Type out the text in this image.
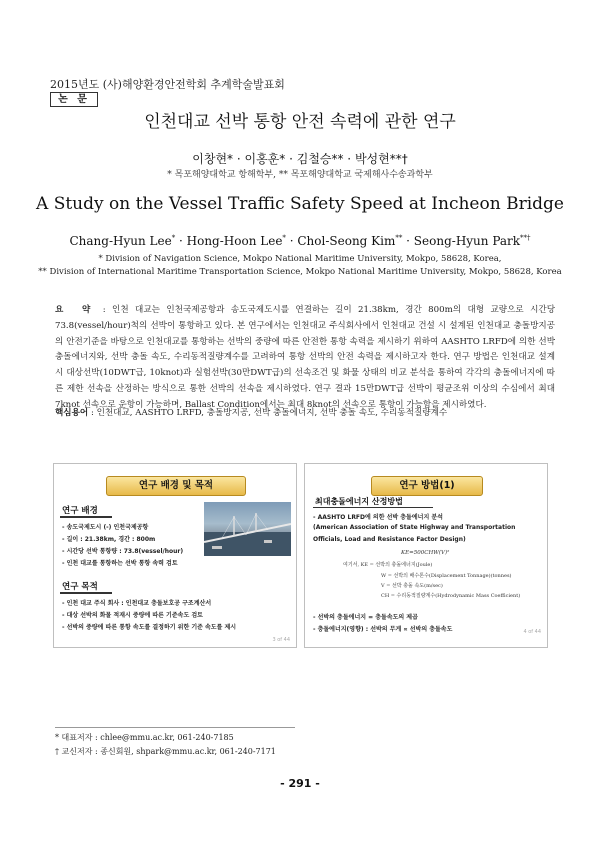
2015년도 (사)해양환경안전학회 추계학술발표회
논 문
인천대교 선박 통항 안전 속력에 관한 연구
이창현* · 이홍훈* · 김철승** · 박성현**†
* 목포해양대학교 항해학부, ** 목포해양대학교 국제해사수송과학부
A Study on the Vessel Traffic Safety Speed at Incheon Bridge
Chang-Hyun Lee* · Hong-Hoon Lee* · Chol-Seong Kim** · Seong-Hyun Park**†
* Division of Navigation Science, Mokpo National Maritime University, Mokpo, 58628, Korea,
** Division of International Maritime Transportation Science, Mokpo National Maritime University, Mokpo, 58628, Korea
요 약 : 인천 대교는 인천국제공항과 송도국제도시를 연결하는 길이 21.38km, 경간 800m의 대형 교량으로 시간당 73.8(vessel/hour)척의 선박이 통항하고 있다. 본 연구에서는 인천대교 주식회사에서 인천대교 건설 시 설계된 인천대교 충돌방지공의 안전기준을 바탕으로 인천대교를 통항하는 선박의 중량에 따른 안전한 통항 속력을 제시하기 위하여 AASHTO LRFD에 의한 선박 충돌에너지와, 선박 충돌 속도, 수리동적질량계수를 고려하여 통항 선박의 안전 속력을 제시하고자 한다. 연구 방법은 인천대교 설계 시 대상선박(10DWT급, 10knot)과 실험선박(30만DWT급)의 선속조건 및 화물 상태의 비교 분석을 통하여 각각의 충돌에너지에 따른 제한 선속을 산정하는 방식으로 통한 선박의 선속을 제시하였다. 연구 결과 15만DWT급 선박이 평균조위 이상의 수심에서 최대 7knot 선속으로 운항이 가능하며, Ballast Condition에서는 최대 8knot의 선속으로 통항이 가능함을 제시하였다.
핵심용어 : 인천대교, AASHTO LRFD, 충돌방지공, 선박 충돌에너지, 선박 충돌 속도, 수리동적질량계수
연구 배경 및 목적
연구 배경
- 송도국제도시 (-) 인천국제공항
- 길이 : 21.38km, 경간 : 800m
- 시간당 선박 통항량 : 73.8(vessel/hour)
- 인천 대교를 통항하는 선박 통항 속력 검토
연구 목적
- 인천 대교 주식 회사 : 인천대교 충돌보호공 구조계산서
- 대상 선박의 화물 적재시 중량에 따른 기준속도 검토
- 선박의 중량에 따른 통항 속도를 결정하기 위한 기준 속도를 제시
3 of 44
연구 방법(1)
최대충돌에너지 산정방법
- AASHTO LRFD에 의한 선박 충돌에너지 분석
(American Association of State Highway and Transportation
Officials, Load and Resistance Factor Design)
KE=500CHW(V)²
여기서, KE = 선박의 충돌에너지(Joule)
W = 선박의 배수톤수(Displacement Tonnage)(tonnes)
V = 선박 충돌 속도(m/sec)
CH = 수리동적질량계수(Hydrodynamic Mass Coefficient)
- 선박의 충돌에너지 = 충돌속도의 제곱
- 충돌에너지(영향) : 선박의 무게 ∝ 선박의 충돌속도	4 of 44
* 대표저자 : chlee@mmu.ac.kr, 061-240-7185
† 교신저자 : 종신회원, shpark@mmu.ac.kr, 061-240-7171
- 291 -
